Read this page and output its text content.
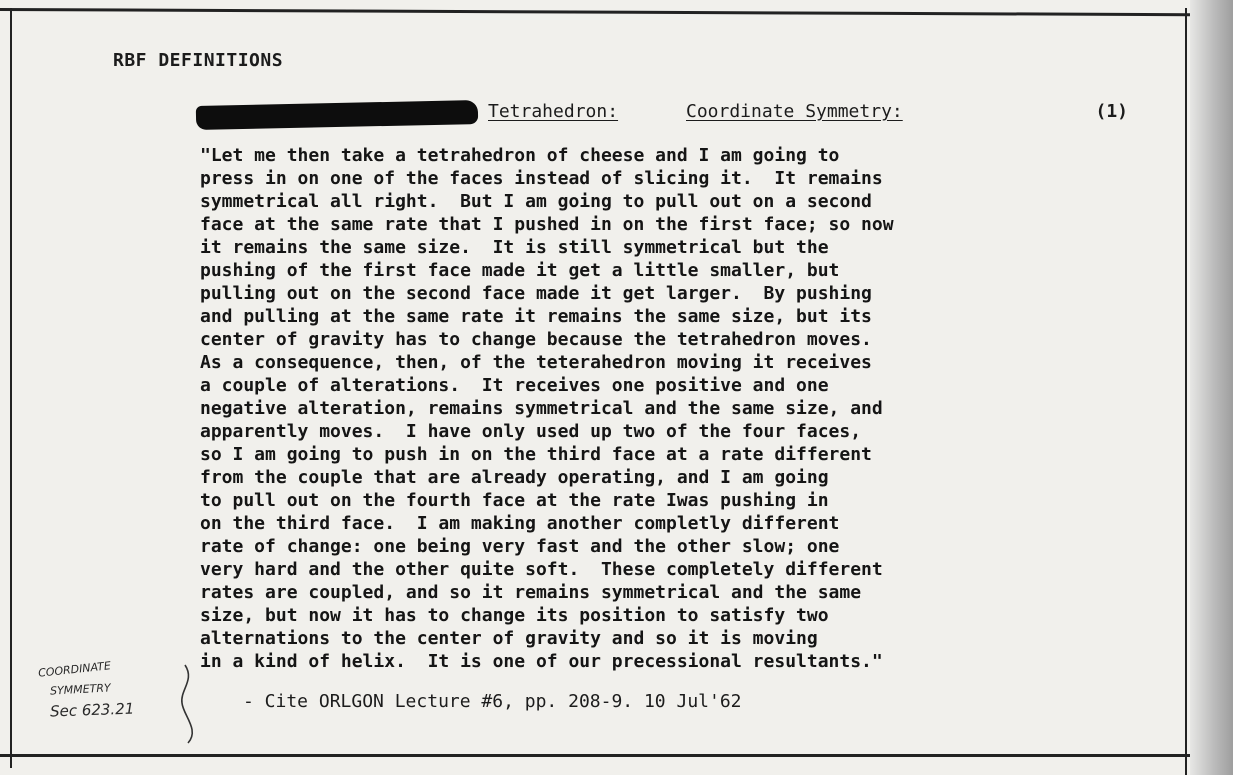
RBF DEFINITIONS
Tetrahedron:	Coordinate Symmetry:	(1)
"Let me then take a tetrahedron of cheese and I am going to
press in on one of the faces instead of slicing it.  It remains
symmetrical all right.  But I am going to pull out on a second
face at the same rate that I pushed in on the first face; so now
it remains the same size.  It is still symmetrical but the
pushing of the first face made it get a little smaller, but
pulling out on the second face made it get larger.  By pushing
and pulling at the same rate it remains the same size, but its
center of gravity has to change because the tetrahedron moves.
As a consequence, then, of the teterahedron moving it receives
a couple of alterations.  It receives one positive and one
negative alteration, remains symmetrical and the same size, and
apparently moves.  I have only used up two of the four faces,
so I am going to push in on the third face at a rate different
from the couple that are already operating, and I am going
to pull out on the fourth face at the rate Iwas pushing in
on the third face.  I am making another completly different
rate of change: one being very fast and the other slow; one
very hard and the other quite soft.  These completely different
rates are coupled, and so it remains symmetrical and the same
size, but now it has to change its position to satisfy two
alternations to the center of gravity and so it is moving
in a kind of helix.  It is one of our precessional resultants."
- Cite ORLGON Lecture #6, pp. 208-9. 10 Jul'62
COORDINATE
SYMMETRY
Sec 623.21
